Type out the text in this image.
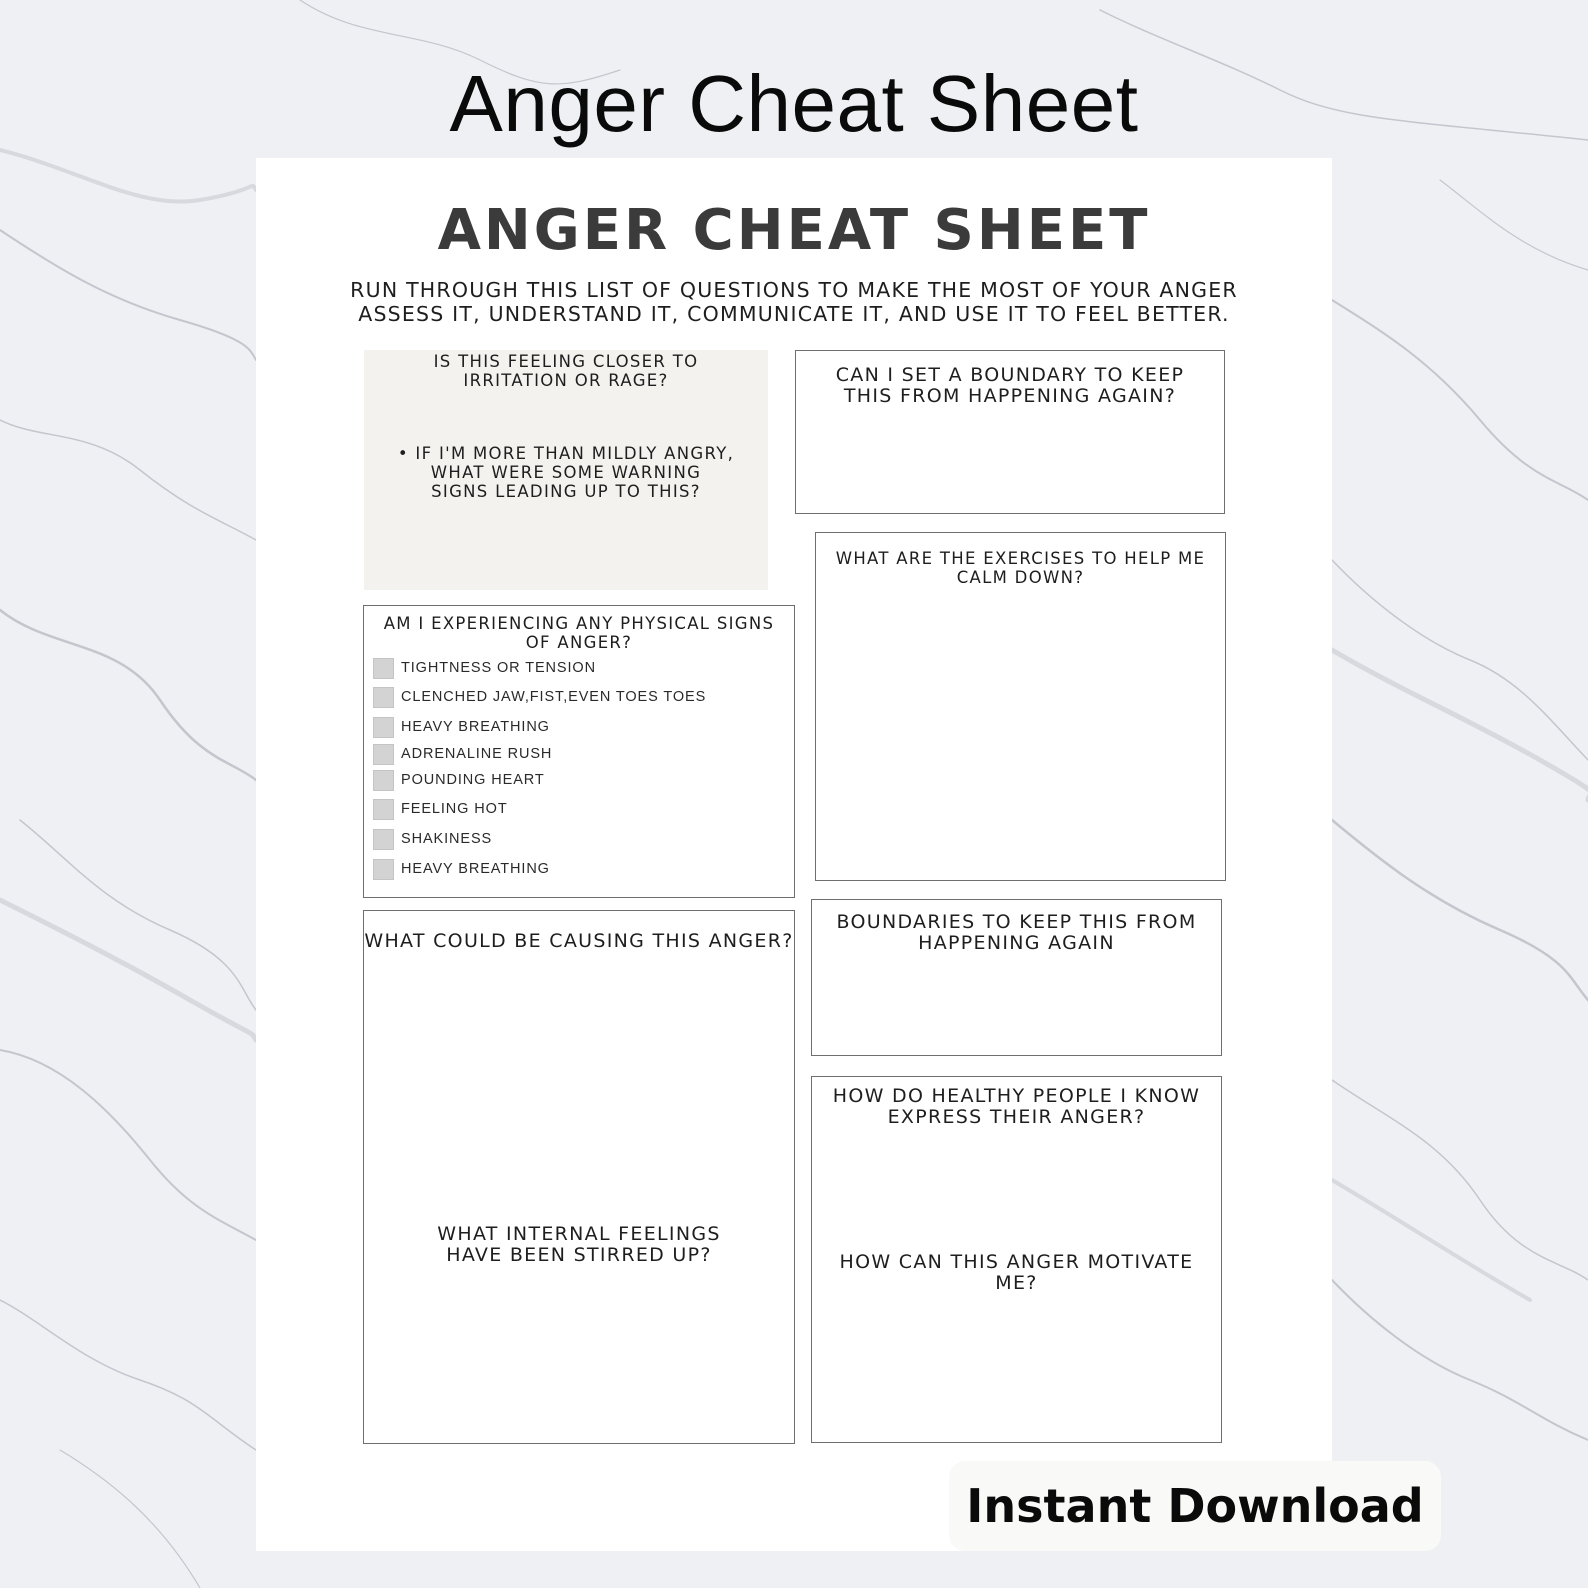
Anger Cheat Sheet
ANGER CHEAT SHEET
RUN THROUGH THIS LIST OF QUESTIONS TO MAKE THE MOST OF YOUR ANGER
ASSESS IT, UNDERSTAND IT, COMMUNICATE IT, AND USE IT TO FEEL BETTER.
IS THIS FEELING CLOSER TO
IRRITATION OR RAGE?
• IF I'M MORE THAN MILDLY ANGRY,
WHAT WERE SOME WARNING
SIGNS LEADING UP TO THIS?
CAN I SET A BOUNDARY TO KEEP
THIS FROM HAPPENING AGAIN?
WHAT ARE THE EXERCISES TO HELP ME
CALM DOWN?
AM I EXPERIENCING ANY PHYSICAL SIGNS
OF ANGER?
TIGHTNESS OR TENSION
CLENCHED JAW,FIST,EVEN TOES TOES
HEAVY BREATHING
ADRENALINE RUSH
POUNDING HEART
FEELING HOT
SHAKINESS
HEAVY BREATHING
BOUNDARIES TO KEEP THIS FROM
HAPPENING AGAIN
WHAT COULD BE CAUSING THIS ANGER?
WHAT INTERNAL FEELINGS
HAVE BEEN STIRRED UP?
HOW DO HEALTHY PEOPLE I KNOW
EXPRESS THEIR ANGER?
HOW CAN THIS ANGER MOTIVATE
ME?
Instant Download
